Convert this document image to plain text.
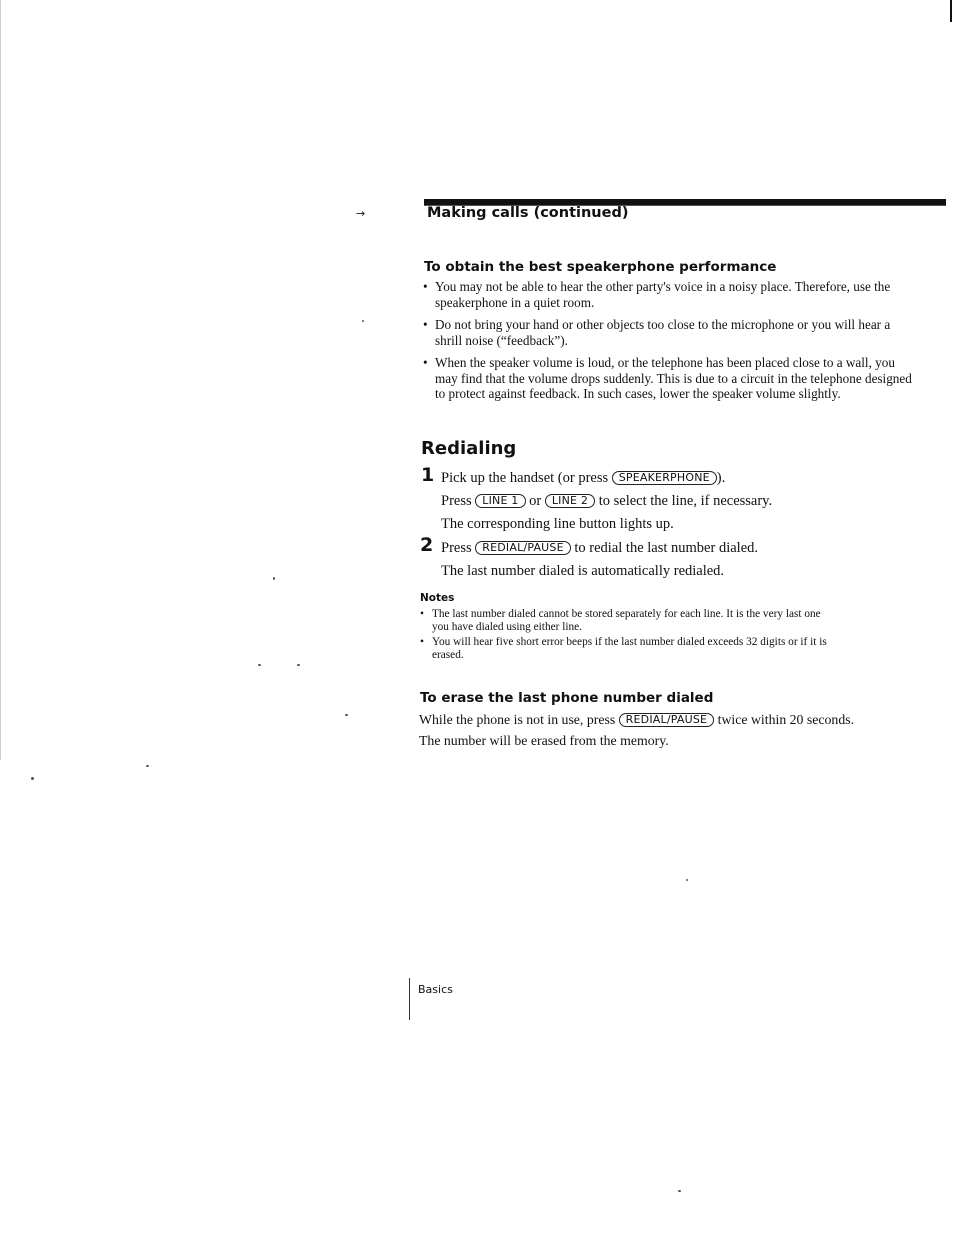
→	Making calls (continued)
To obtain the best speakerphone performance
• You may not be able to hear the other party's voice in a noisy place. Therefore, use the speakerphone in a quiet room.
• Do not bring your hand or other objects too close to the microphone or you will hear a shrill noise (“feedback”).
• When the speaker volume is loud, or the telephone has been placed close to a wall, you may find that the volume drops suddenly. This is due to a circuit in the telephone designed to protect against feedback. In such cases, lower the speaker volume slightly.
Redialing
1 Pick up the handset (or press SPEAKERPHONE ).
Press LINE 1 or LINE 2 to select the line, if necessary.
The corresponding line button lights up.
2 Press REDIAL/PAUSE to redial the last number dialed.
The last number dialed is automatically redialed.
Notes
• The last number dialed cannot be stored separately for each line. It is the very last one you have dialed using either line.
• You will hear five short error beeps if the last number dialed exceeds 32 digits or if it is erased.
To erase the last phone number dialed
While the phone is not in use, press REDIAL/PAUSE twice within 20 seconds.
The number will be erased from the memory.
Basics
